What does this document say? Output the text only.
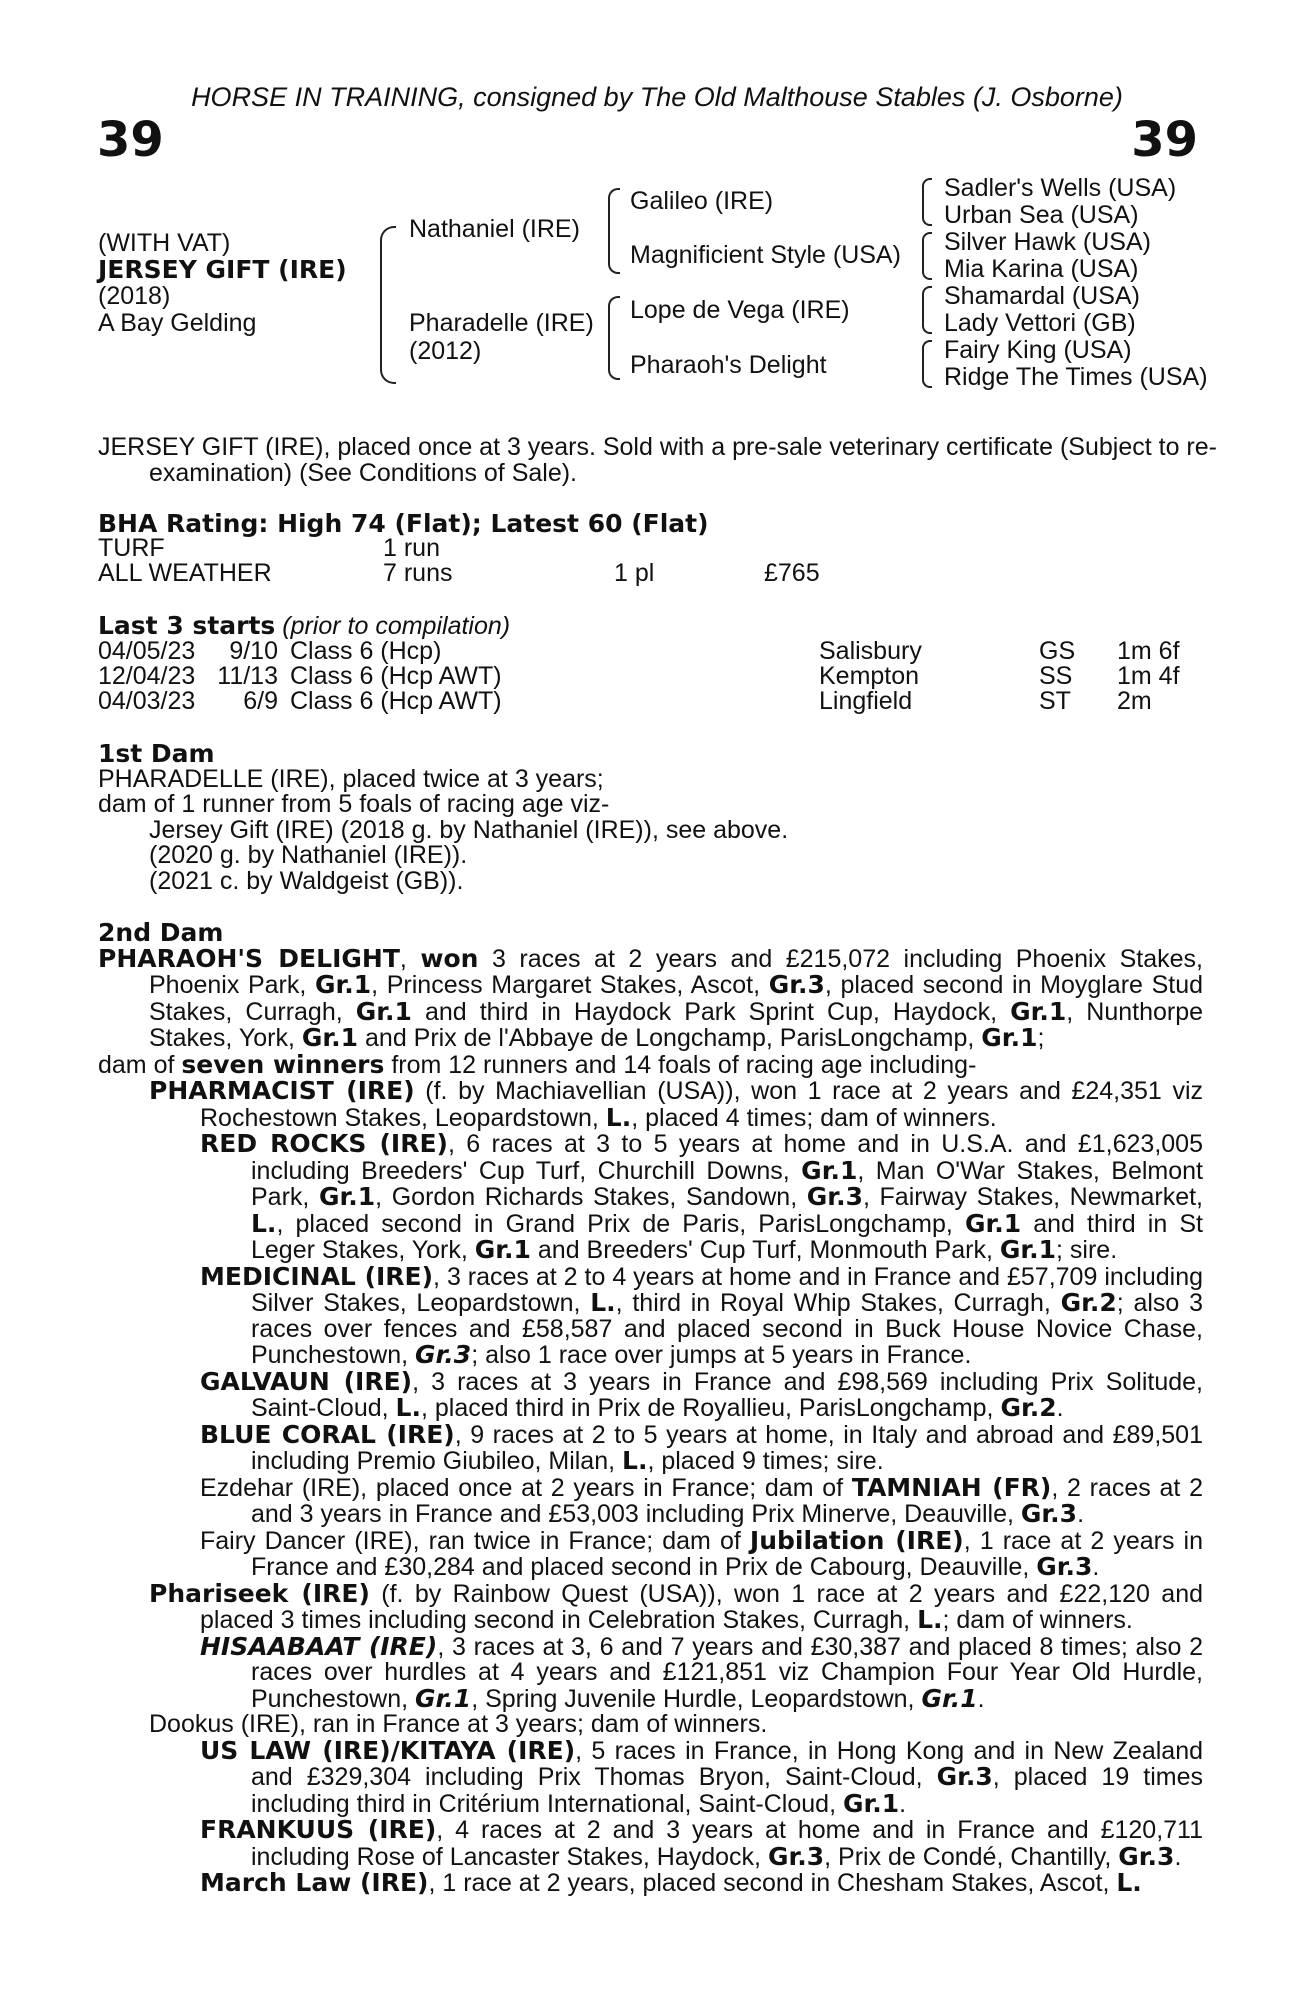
HORSE IN TRAINING, consigned by The Old Malthouse Stables (J. Osborne)
39	39
(WITH VAT)
JERSEY GIFT (IRE)
(2018)
A Bay Gelding
Nathaniel (IRE)
Pharadelle (IRE)
(2012)
Galileo (IRE)
Magnificient Style (USA)
Lope de Vega (IRE)
Pharaoh's Delight
Sadler's Wells (USA)
Urban Sea (USA)
Silver Hawk (USA)
Mia Karina (USA)
Shamardal (USA)
Lady Vettori (GB)
Fairy King (USA)
Ridge The Times (USA)
JERSEY GIFT (IRE), placed once at 3 years. Sold with a pre-sale veterinary certificate (Subject to re-examination) (See Conditions of Sale).
BHA Rating: High 74 (Flat); Latest 60 (Flat)
TURF	1 run
ALL WEATHER	7 runs	1 pl	£765
Last 3 starts (prior to compilation)
04/05/23	9/10 Class 6 (Hcp)	Salisbury	GS 1m 6f
12/04/23 11/13 Class 6 (Hcp AWT)	Kempton	SS 1m 4f
04/03/23	6/9 Class 6 (Hcp AWT)	Lingfield	ST 2m
1st Dam
PHARADELLE (IRE), placed twice at 3 years;
dam of 1 runner from 5 foals of racing age viz-
Jersey Gift (IRE) (2018 g. by Nathaniel (IRE)), see above.
(2020 g. by Nathaniel (IRE)).
(2021 c. by Waldgeist (GB)).
2nd Dam
PHARAOH'S DELIGHT, won 3 races at 2 years and £215,072 including Phoenix Stakes, Phoenix Park, Gr.1, Princess Margaret Stakes, Ascot, Gr.3, placed second in Moyglare Stud Stakes, Curragh, Gr.1 and third in Haydock Park Sprint Cup, Haydock, Gr.1, Nunthorpe Stakes, York, Gr.1 and Prix de l'Abbaye de Longchamp, ParisLongchamp, Gr.1;
dam of seven winners from 12 runners and 14 foals of racing age including-
PHARMACIST (IRE) (f. by Machiavellian (USA)), won 1 race at 2 years and £24,351 viz Rochestown Stakes, Leopardstown, L., placed 4 times; dam of winners.
RED ROCKS (IRE), 6 races at 3 to 5 years at home and in U.S.A. and £1,623,005 including Breeders' Cup Turf, Churchill Downs, Gr.1, Man O'War Stakes, Belmont Park, Gr.1, Gordon Richards Stakes, Sandown, Gr.3, Fairway Stakes, Newmarket, L., placed second in Grand Prix de Paris, ParisLongchamp, Gr.1 and third in St Leger Stakes, York, Gr.1 and Breeders' Cup Turf, Monmouth Park, Gr.1; sire.
MEDICINAL (IRE), 3 races at 2 to 4 years at home and in France and £57,709 including Silver Stakes, Leopardstown, L., third in Royal Whip Stakes, Curragh, Gr.2; also 3 races over fences and £58,587 and placed second in Buck House Novice Chase, Punchestown, Gr.3; also 1 race over jumps at 5 years in France.
GALVAUN (IRE), 3 races at 3 years in France and £98,569 including Prix Solitude, Saint-Cloud, L., placed third in Prix de Royallieu, ParisLongchamp, Gr.2.
BLUE CORAL (IRE), 9 races at 2 to 5 years at home, in Italy and abroad and £89,501 including Premio Giubileo, Milan, L., placed 9 times; sire.
Ezdehar (IRE), placed once at 2 years in France; dam of TAMNIAH (FR), 2 races at 2 and 3 years in France and £53,003 including Prix Minerve, Deauville, Gr.3.
Fairy Dancer (IRE), ran twice in France; dam of Jubilation (IRE), 1 race at 2 years in France and £30,284 and placed second in Prix de Cabourg, Deauville, Gr.3.
Phariseek (IRE) (f. by Rainbow Quest (USA)), won 1 race at 2 years and £22,120 and placed 3 times including second in Celebration Stakes, Curragh, L.; dam of winners.
HISAABAAT (IRE), 3 races at 3, 6 and 7 years and £30,387 and placed 8 times; also 2 races over hurdles at 4 years and £121,851 viz Champion Four Year Old Hurdle, Punchestown, Gr.1, Spring Juvenile Hurdle, Leopardstown, Gr.1.
Dookus (IRE), ran in France at 3 years; dam of winners.
US LAW (IRE)/KITAYA (IRE), 5 races in France, in Hong Kong and in New Zealand and £329,304 including Prix Thomas Bryon, Saint-Cloud, Gr.3, placed 19 times including third in Critérium International, Saint-Cloud, Gr.1.
FRANKUUS (IRE), 4 races at 2 and 3 years at home and in France and £120,711 including Rose of Lancaster Stakes, Haydock, Gr.3, Prix de Condé, Chantilly, Gr.3.
March Law (IRE), 1 race at 2 years, placed second in Chesham Stakes, Ascot, L.
